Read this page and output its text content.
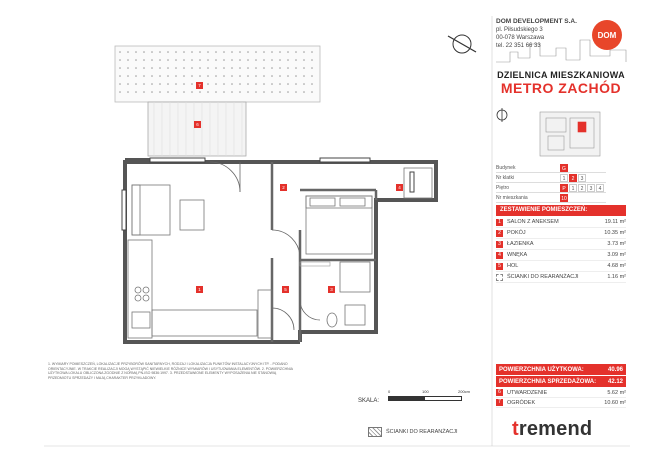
7
6
1
2
3
4
5
DOM DEVELOPMENT S.A.
pl. Piłsudskiego 3
00-078 Warszawa
tel. 22 351 66 33
DOM
DZIELNICA MIESZKANIOWA
METRO ZACHÓD
Budynek	G
Nr klatki	1	2	3
Piętro	P	1	2	3	4
Nr mieszkania	10
ZESTAWIENIE POMIESZCZEŃ:
1	SALON Z ANEKSEM	19.11 m²
2	POKÓJ	10.35 m²
3	ŁAZIENKA	3.73 m²
4	WNĘKA	3.09 m²
5	HOL	4.68 m²
ŚCIANKI DO REARANŻACJI	1.16 m²
POWIERZCHNIA UŻYTKOWA:	40.96
POWIERZCHNIA SPRZEDAŻOWA:	42.12
6	UTWARDZENIE	5.62 m²
7	OGRÓDEK	10.60 m²
1. WYMIARY POMIESZCZEŃ, LOKALIZACJE PRZYBORÓW SANITARNYCH, RODZAJ I LOKALIZACJA PUNKTÓW INSTALACYJNYCH ITP. - PODANO ORIENTACYJNIE. W TRAKCIE REALIZACJI MOGĄ WYSTĄPIĆ NIEWIELKIE RÓŻNICE WYMIARÓW I USYTUOWANIA ELEMENTÓW. 2. POWIERZCHNIA UŻYTKOWA LOKALU OBLICZONA ZGODNIE Z NORMĄ PN-ISO 9836:1997. 3. PRZEDSTAWIONE ELEMENTY WYPOSAŻENIA NIE STANOWIĄ PRZEDMIOTU SPRZEDAŻY I MAJĄ CHARAKTER PRZYKŁADOWY.
SKALA:
0	100	200cm
ŚCIANKI DO REARANŻACJI	tremend
